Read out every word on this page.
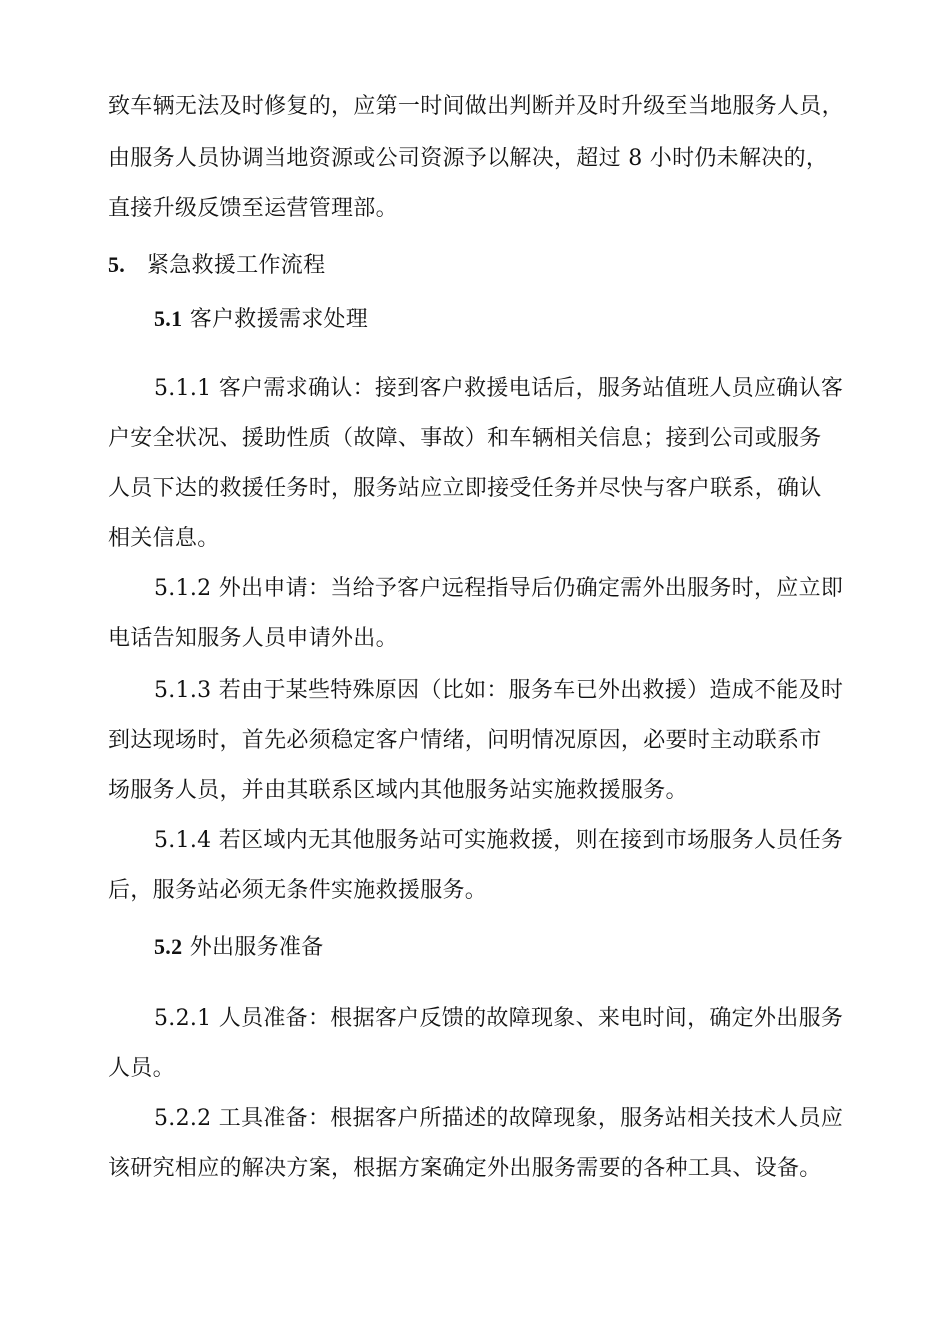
致车辆无法及时修复的，应第一时间做出判断并及时升级至当地服务人员，
由服务人员协调当地资源或公司资源予以解决，超过 8 小时仍未解决的，
直接升级反馈至运营管理部。
5. 紧急救援工作流程
5.1 客户救援需求处理
5.1.1 客户需求确认：接到客户救援电话后，服务站值班人员应确认客
户安全状况、援助性质（故障、事故）和车辆相关信息；接到公司或服务
人员下达的救援任务时，服务站应立即接受任务并尽快与客户联系，确认
相关信息。
5.1.2 外出申请：当给予客户远程指导后仍确定需外出服务时，应立即
电话告知服务人员申请外出。
5.1.3 若由于某些特殊原因（比如：服务车已外出救援）造成不能及时
到达现场时，首先必须稳定客户情绪，问明情况原因，必要时主动联系市
场服务人员，并由其联系区域内其他服务站实施救援服务。
5.1.4 若区域内无其他服务站可实施救援，则在接到市场服务人员任务
后，服务站必须无条件实施救援服务。
5.2 外出服务准备
5.2.1 人员准备：根据客户反馈的故障现象、来电时间，确定外出服务
人员。
5.2.2 工具准备：根据客户所描述的故障现象，服务站相关技术人员应
该研究相应的解决方案，根据方案确定外出服务需要的各种工具、设备。
